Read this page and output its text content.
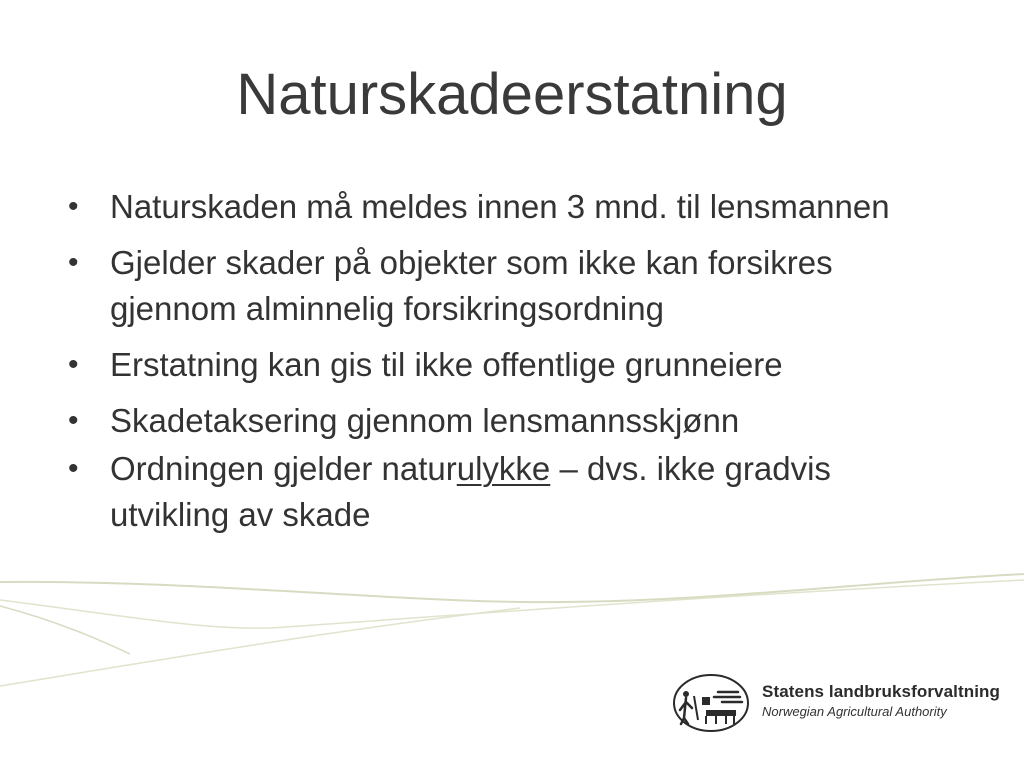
Naturskadeerstatning
• Naturskaden må meldes innen 3 mnd. til lensmannen
• Gjelder skader på objekter som ikke kan forsikres gjennom alminnelig forsikringsordning
• Erstatning kan gis til ikke offentlige grunneiere
• Skadetaksering gjennom lensmannsskjønn
• Ordningen gjelder naturulykke – dvs. ikke gradvis utvikling av skade
Statens landbruksforvaltning
Norwegian Agricultural Authority
